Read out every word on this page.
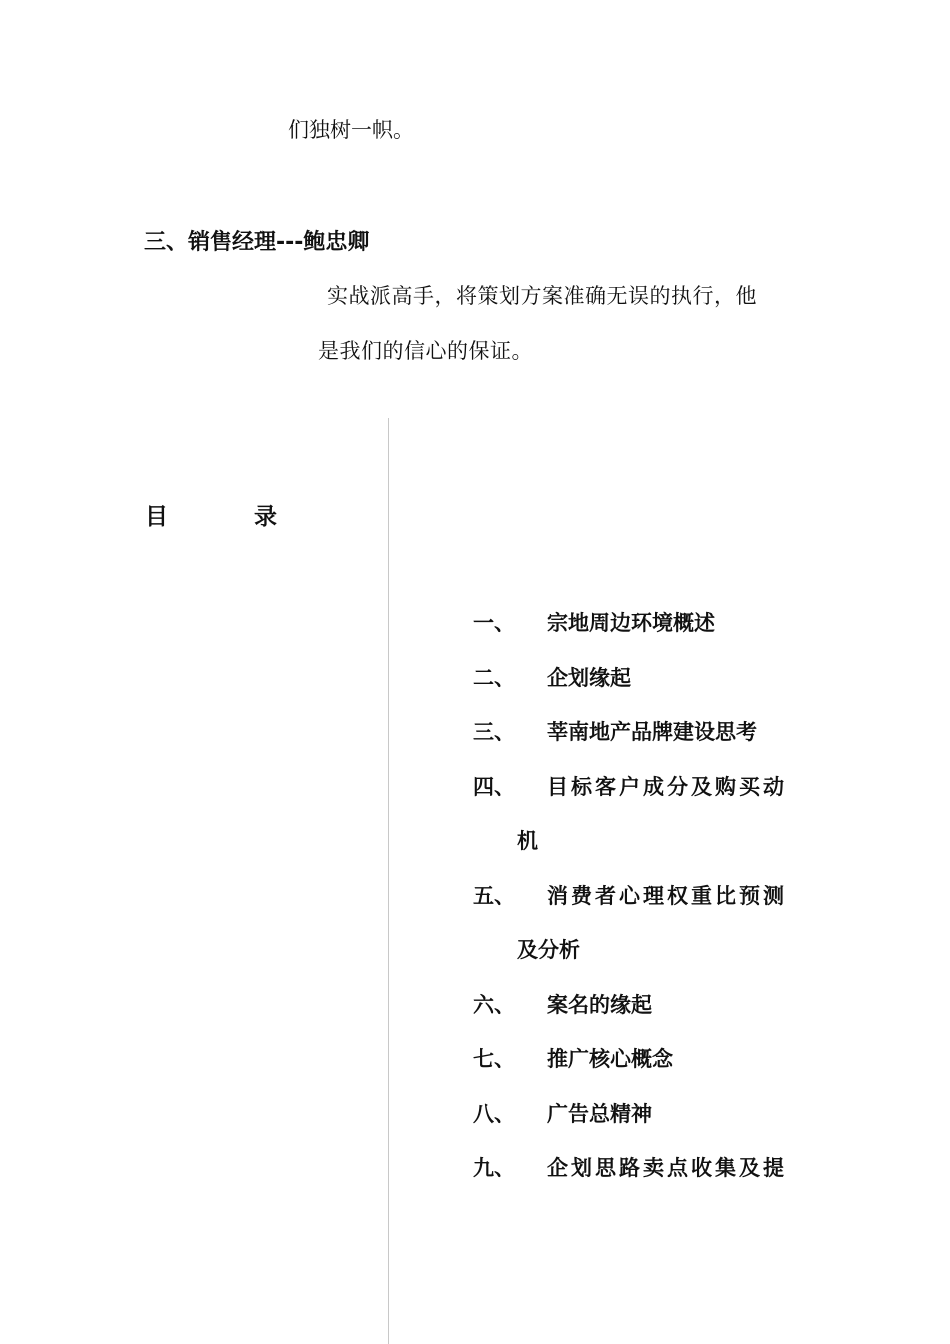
们独树一帜。
三、销售经理---鲍忠卿
实战派高手，将策划方案准确无误的执行，他
是我们的信心的保证。
目	录
一、 宗地周边环境概述
二、 企划缘起
三、 莘南地产品牌建设思考
四、 目标客户成分及购买动
机
五、 消费者心理权重比预测
及分析
六、 案名的缘起
七、 推广核心概念
八、 广告总精神
九、 企划思路卖点收集及提
